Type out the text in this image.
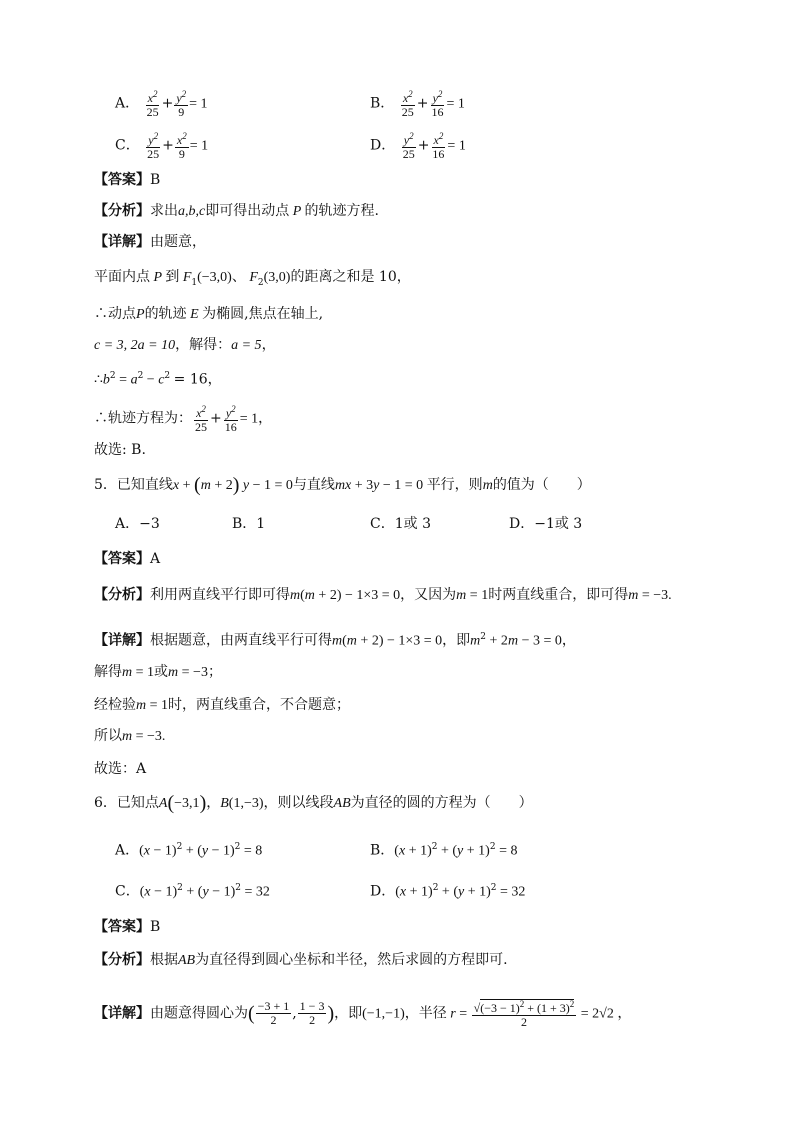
A． $\frac{x^2}{25} + \frac{y^2}{9} = 1$	B． $\frac{x^2}{25} + \frac{y^2}{16} = 1$
C． $\frac{y^2}{25} + \frac{x^2}{9} = 1$	D． $\frac{y^2}{25} + \frac{x^2}{16} = 1$
【答案】B
【分析】求出a,b,c即可得出动点 P 的轨迹方程.
【详解】由题意，
平面内点 P 到 $F_1(-3,0)$、 $F_2(3,0)$的距离之和是 10，
∴动点P的轨迹 E 为椭圆,焦点在轴上,
c = 3, 2a = 10，解得：a = 5，
$\therefore b^2 = a^2 - c^2 = 16$，
∴轨迹方程为： $\frac{x^2}{25} + \frac{y^2}{16} = 1$，
故选: B.
5．已知直线x + (m + 2) y − 1 = 0与直线mx + 3y − 1 = 0 平行，则m的值为（　　）
A．−3	B．1	C．1或 3	D．−1或 3
【答案】A
【分析】利用两直线平行即可得m(m + 2) − 1×3 = 0，又因为m = 1时两直线重合，即可得m = −3.
【详解】根据题意，由两直线平行可得m(m + 2) − 1×3 = 0，即$m^2 + 2m - 3 = 0$，
解得m = 1或m = −3；
经检验m = 1时，两直线重合，不合题意；
所以m = −3.
故选：A
6．已知点A(−3,1)，B(1,−3)，则以线段AB为直径的圆的方程为（　　）
A．$(x - 1)^2 + (y - 1)^2 = 8$	B．$(x + 1)^2 + (y + 1)^2 = 8$
C．$(x - 1)^2 + (y - 1)^2 = 32$	D．$(x + 1)^2 + (y + 1)^2 = 32$
【答案】B
【分析】根据AB为直径得到圆心坐标和半径，然后求圆的方程即可.
【详解】由题意得圆心为( $\frac{-3 + 1}{2}$ , $\frac{1 - 3}{2}$ )，即(−1,−1)，半径 $r = \frac{√(-3 - 1)^2 + (1 + 3)^2}{2} = 2√2$ ，
